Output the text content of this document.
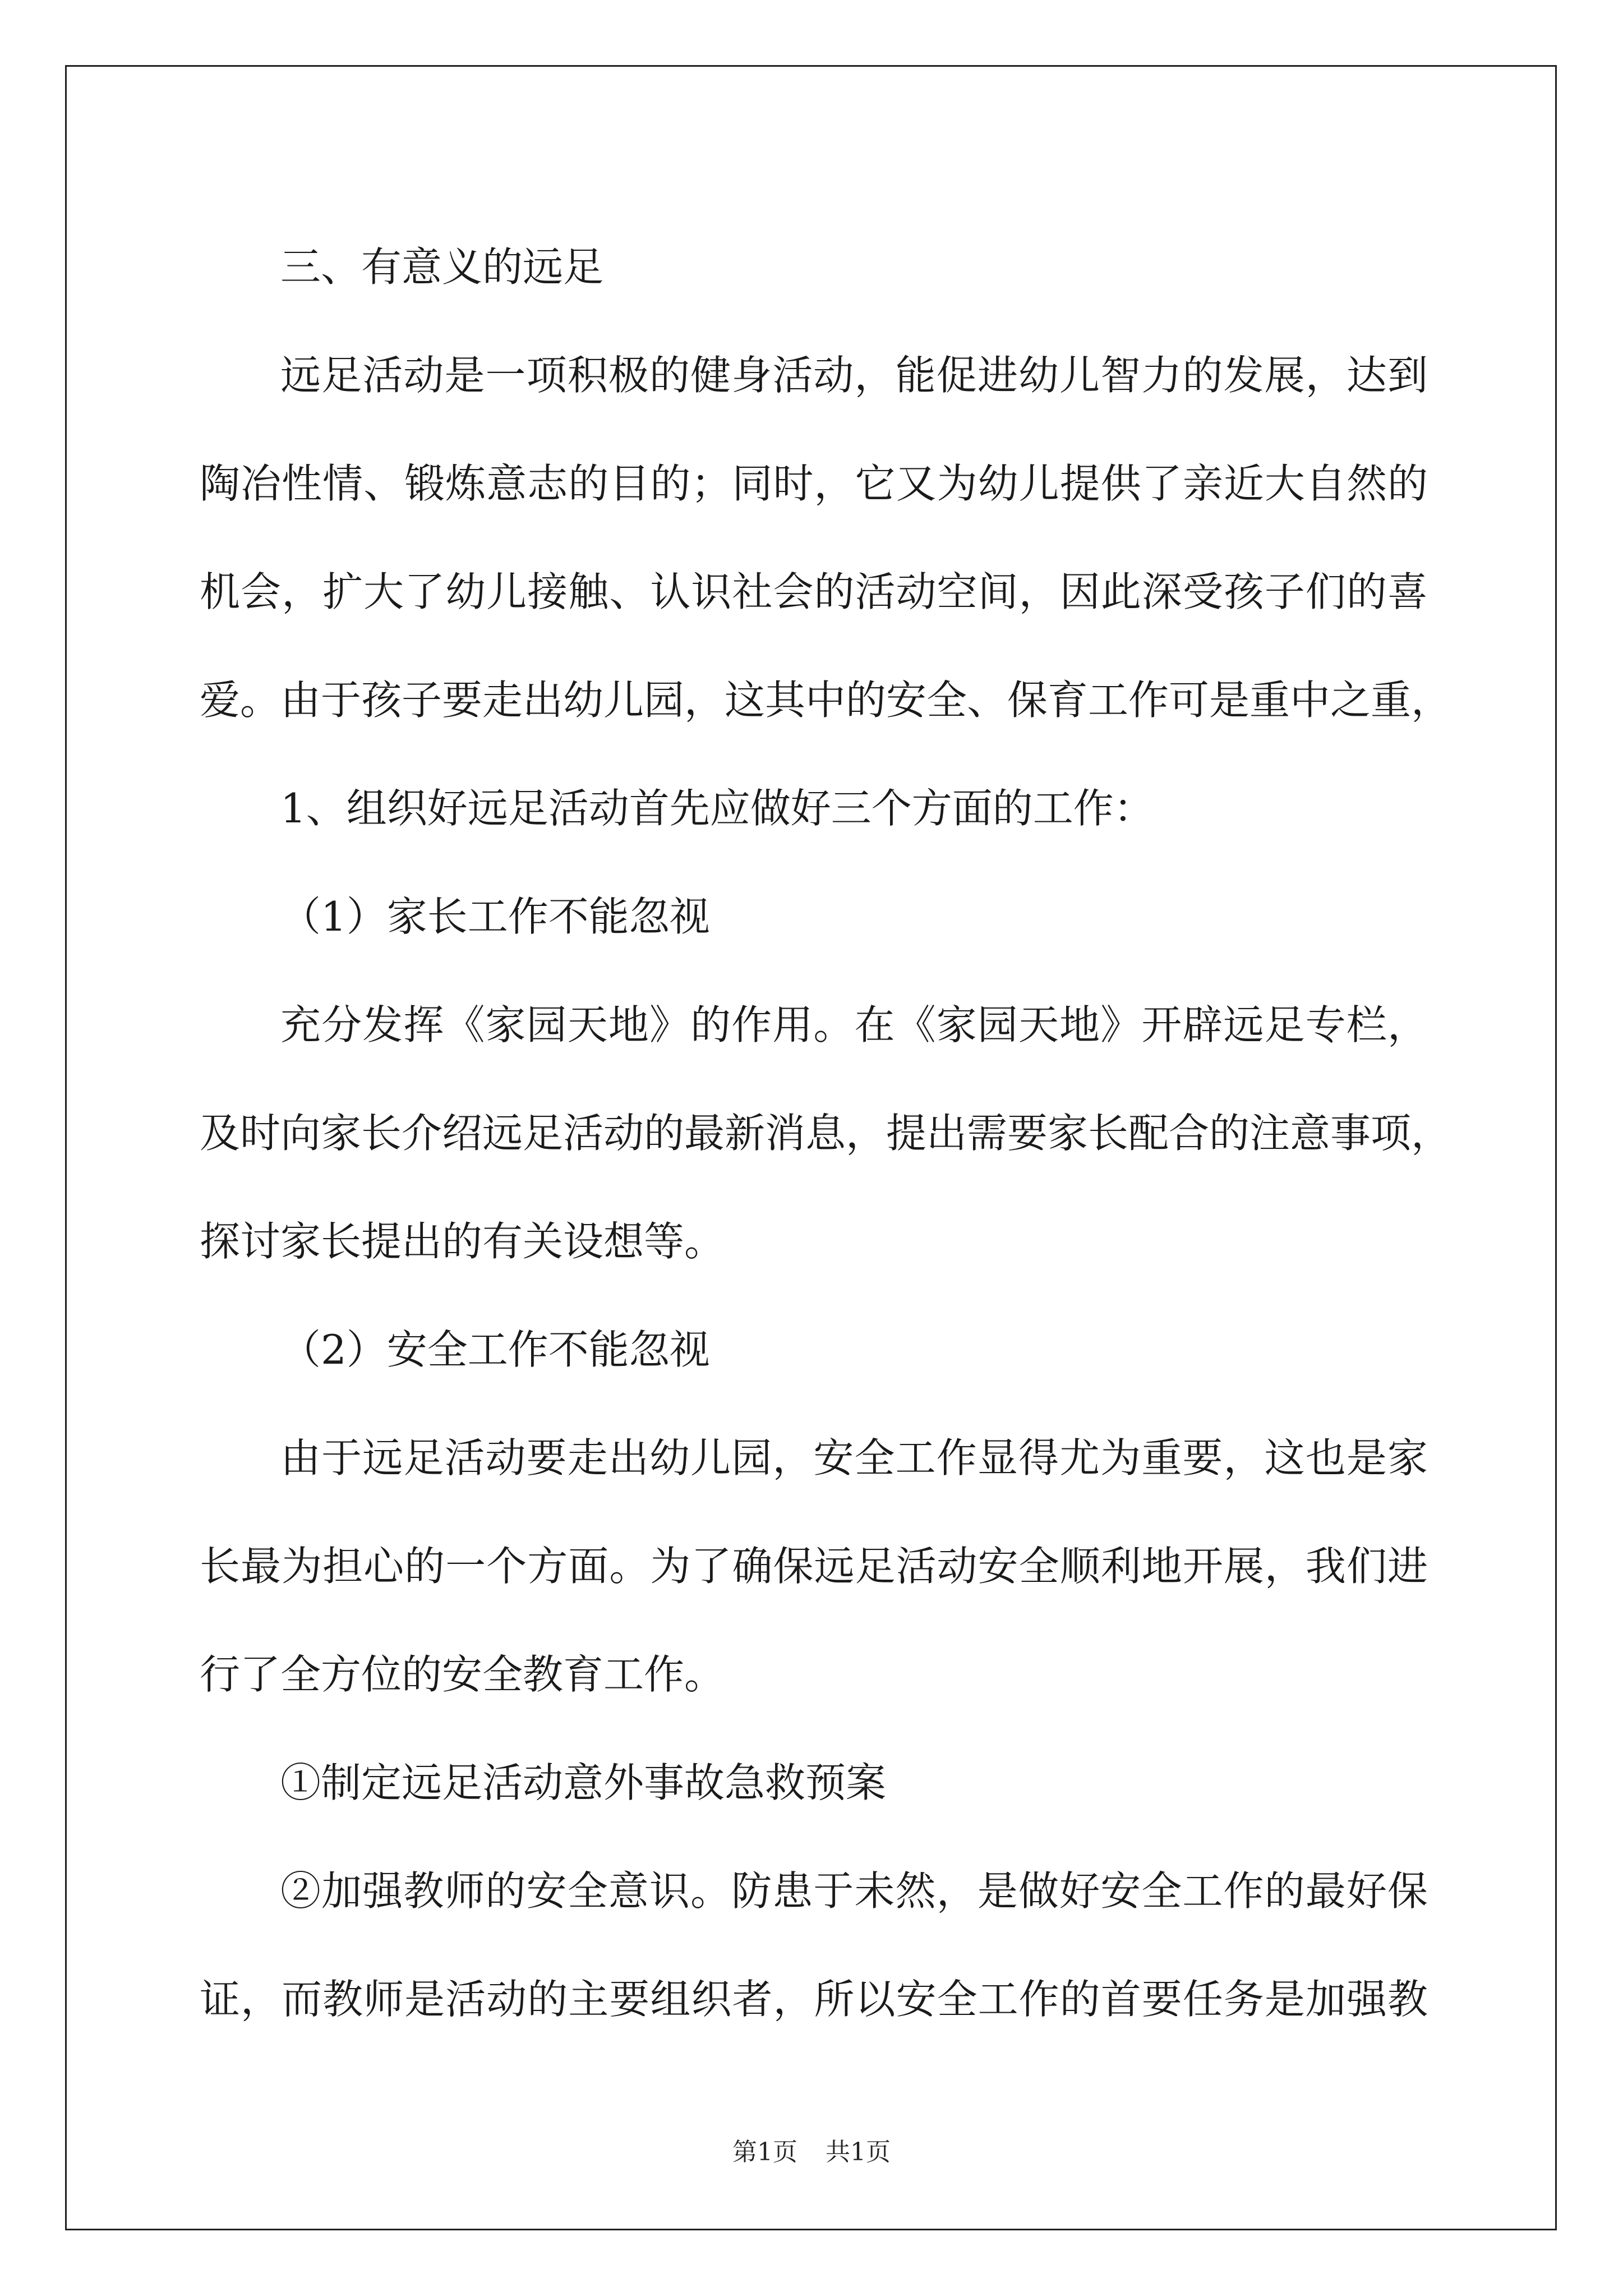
三、有意义的远足
远足活动是一项积极的健身活动，能促进幼儿智力的发展，达到
陶冶性情、锻炼意志的目的；同时，它又为幼儿提供了亲近大自然的
机会，扩大了幼儿接触、认识社会的活动空间，因此深受孩子们的喜
爱。由于孩子要走出幼儿园，这其中的安全、保育工作可是重中之重，
1、组织好远足活动首先应做好三个方面的工作：
（1）家长工作不能忽视
充分发挥《家园天地》的作用。在《家园天地》开辟远足专栏，
及时向家长介绍远足活动的最新消息，提出需要家长配合的注意事项，
探讨家长提出的有关设想等。
（2）安全工作不能忽视
由于远足活动要走出幼儿园，安全工作显得尤为重要，这也是家
长最为担心的一个方面。为了确保远足活动安全顺利地开展，我们进
行了全方位的安全教育工作。
①制定远足活动意外事故急救预案
②加强教师的安全意识。防患于未然，是做好安全工作的最好保
证，而教师是活动的主要组织者，所以安全工作的首要任务是加强教
第1页 共1页
